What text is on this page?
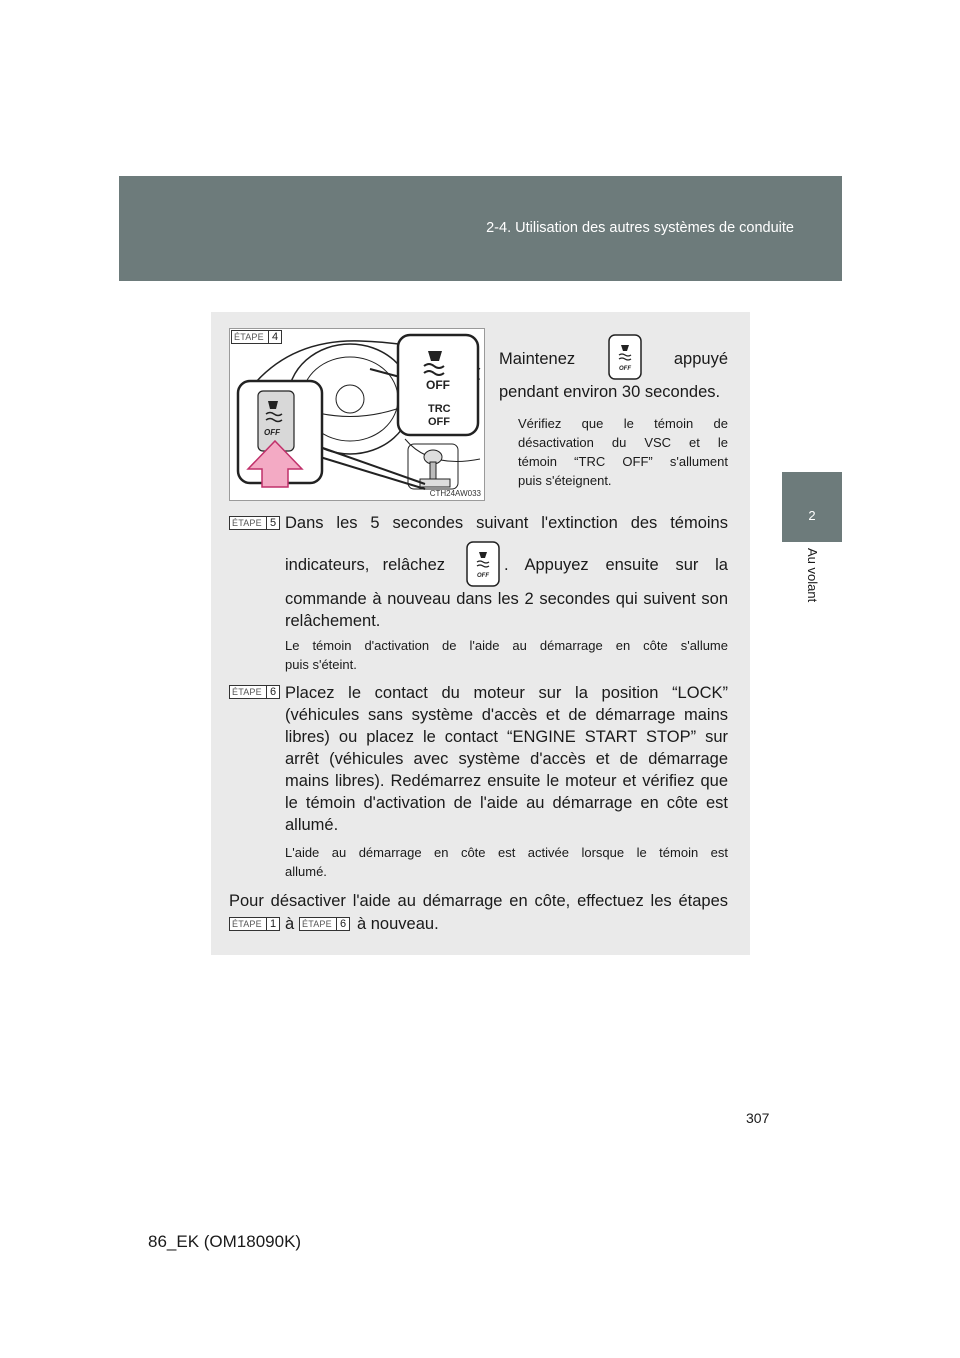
2-4. Utilisation des autres systèmes de conduite
2
Au volant
OFF
OFF
TRC
OFF
ÉTAPE 4
CTH24AW033
Maintenez	appuyé
OFF
pendant environ 30 secondes.
Vérifiez que le témoin de
désactivation du VSC et le
témoin “TRC OFF” s'allument
puis s'éteignent.
ÉTAPE 5 Dans les 5 secondes suivant l'extinction des témoins
indicateurs, relâchez
OFF
. Appuyez ensuite sur la
commande à nouveau dans les 2 secondes qui suivent son
relâchement.
Le témoin d'activation de l'aide au démarrage en côte s'allume
puis s'éteint.
ÉTAPE 6 Placez le contact du moteur sur la position “LOCK”
(véhicules sans système d'accès et de démarrage mains
libres) ou placez le contact “ENGINE START STOP” sur
arrêt (véhicules avec système d'accès et de démarrage
mains libres). Redémarrez ensuite le moteur et vérifiez que
le témoin d'activation de l'aide au démarrage en côte est
allumé.
L'aide au démarrage en côte est activée lorsque le témoin est
allumé.
Pour désactiver l'aide au démarrage en côte, effectuez les étapes
ÉTAPE 1 à ÉTAPE 6 à nouveau.
307
86_EK (OM18090K)
